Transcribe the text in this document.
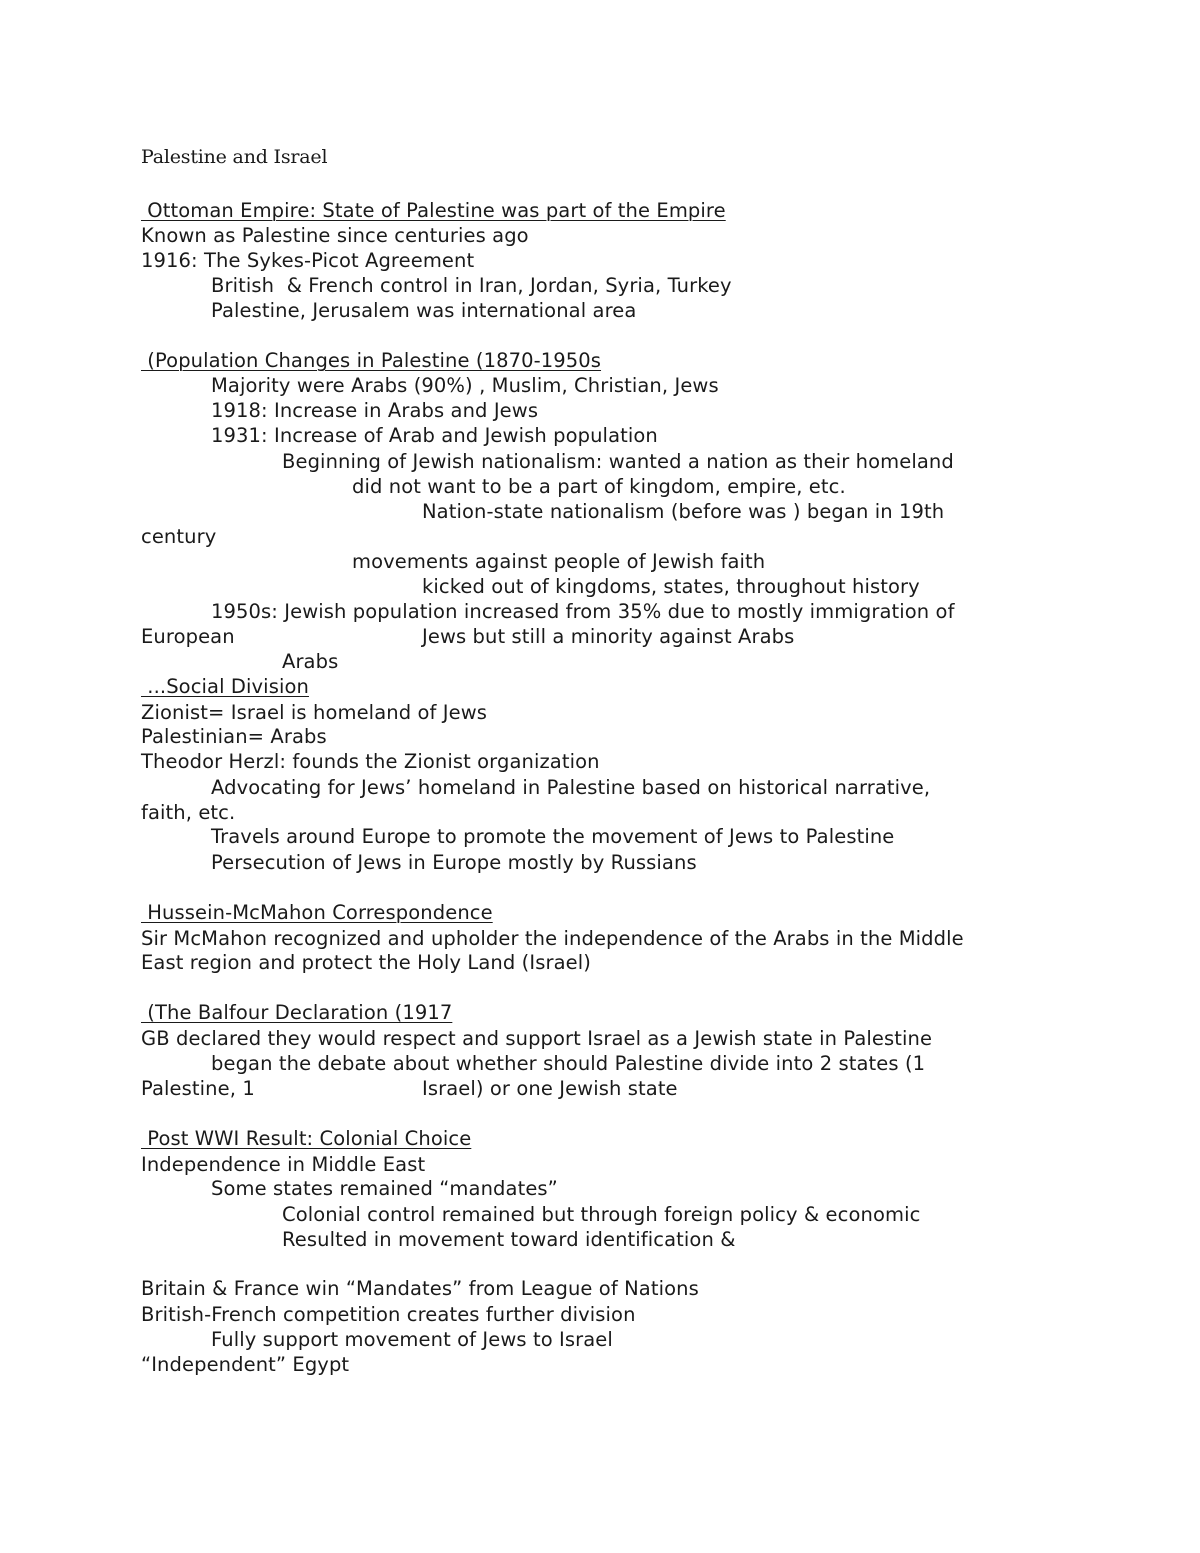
Palestine and Israel
Ottoman Empire: State of Palestine was part of the Empire
Known as Palestine since centuries ago
1916: The Sykes-Picot Agreement
British  & French control in Iran, Jordan, Syria, Turkey
Palestine, Jerusalem was international area
(Population Changes in Palestine (1870-1950s
Majority were Arabs (90%) , Muslim, Christian, Jews
1918: Increase in Arabs and Jews
1931: Increase of Arab and Jewish population
Beginning of Jewish nationalism: wanted a nation as their homeland
did not want to be a part of kingdom, empire, etc.
Nation-state nationalism (before was ) began in 19th
century
movements against people of Jewish faith
kicked out of kingdoms, states, throughout history
1950s: Jewish population increased from 35% due to mostly immigration of
European	Jews but still a minority against Arabs
Arabs
...Social Division
Zionist= Israel is homeland of Jews
Palestinian= Arabs
Theodor Herzl: founds the Zionist organization
Advocating for Jews’ homeland in Palestine based on historical narrative,
faith, etc.
Travels around Europe to promote the movement of Jews to Palestine
Persecution of Jews in Europe mostly by Russians
Hussein-McMahon Correspondence
Sir McMahon recognized and upholder the independence of the Arabs in the Middle
East region and protect the Holy Land (Israel)
(The Balfour Declaration (1917
GB declared they would respect and support Israel as a Jewish state in Palestine
began the debate about whether should Palestine divide into 2 states (1
Palestine, 1	Israel) or one Jewish state
Post WWI Result: Colonial Choice
Independence in Middle East
Some states remained “mandates”
Colonial control remained but through foreign policy & economic
Resulted in movement toward identification &
Britain & France win “Mandates” from League of Nations
British-French competition creates further division
Fully support movement of Jews to Israel
“Independent” Egypt
